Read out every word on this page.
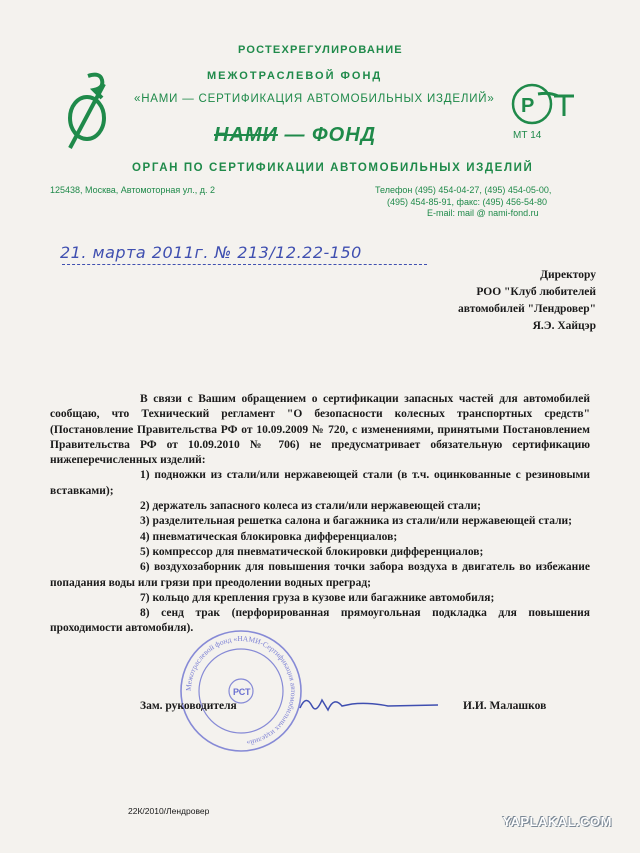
Р
МТ 14
РОСТЕХРЕГУЛИРОВАНИЕ
МЕЖОТРАСЛЕВОЙ ФОНД
«НАМИ — СЕРТИФИКАЦИЯ АВТОМОБИЛЬНЫХ ИЗДЕЛИЙ»
НАМИ — ФОНД
ОРГАН ПО СЕРТИФИКАЦИИ АВТОМОБИЛЬНЫХ ИЗДЕЛИЙ
125438, Москва, Автомоторная ул., д. 2	Телефон (495) 454-04-27, (495) 454-05-00,
(495) 454-85-91, факс: (495) 456-54-80
E-mail: mail @ nami-fond.ru
21. марта 2011г. № 213/12.22-150
Директору
РОО "Клуб любителей
автомобилей "Лендровер"
Я.Э. Хайцэр

В связи с Вашим обращением о сертификации запасных частей для автомобилей сообщаю, что Технический регламент "О безопасности колесных транспортных средств" (Постановление Правительства РФ от 10.09.2009 № 720, с изменениями, принятыми Постановлением Правительства РФ от 10.09.2010 № 706) не предусматривает обязательную сертификацию нижеперечисленных изделий:

1) подножки из стали/или нержавеющей стали (в т.ч. оцинкованные с резиновыми вставками);

2) держатель запасного колеса из стали/или нержавеющей стали;

3) разделительная решетка салона и багажника из стали/или нержавеющей стали;

4) пневматическая блокировка дифференциалов;

5) компрессор для пневматической блокировки дифференциалов;

6) воздухозаборник для повышения точки забора воздуха в двигатель во избежание попадания воды или грязи при преодолении водных преград;

7) кольцо для крепления груза в кузове или багажнике автомобиля;

8) сенд трак (перфорированная прямоугольная подкладка для повышения проходимости автомобиля).

Межотраслевой фонд «НАМИ-Сертификация автомобильных изделий»
РСТ
Зам. руководителя	И.И. Малашков
22К/2010/Лендровер
YAPLAKAL.COM
